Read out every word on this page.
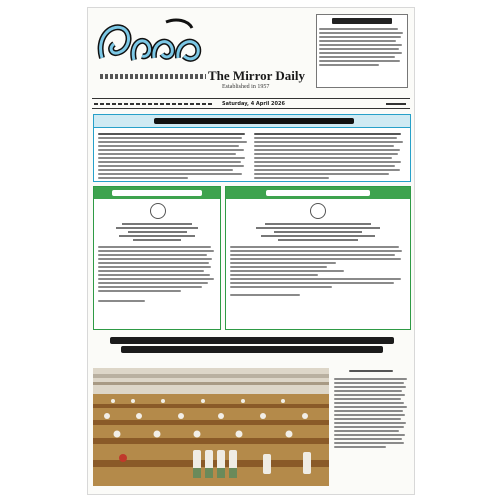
The Mirror Daily
Established in 1957
Saturday, 4 April 2026
